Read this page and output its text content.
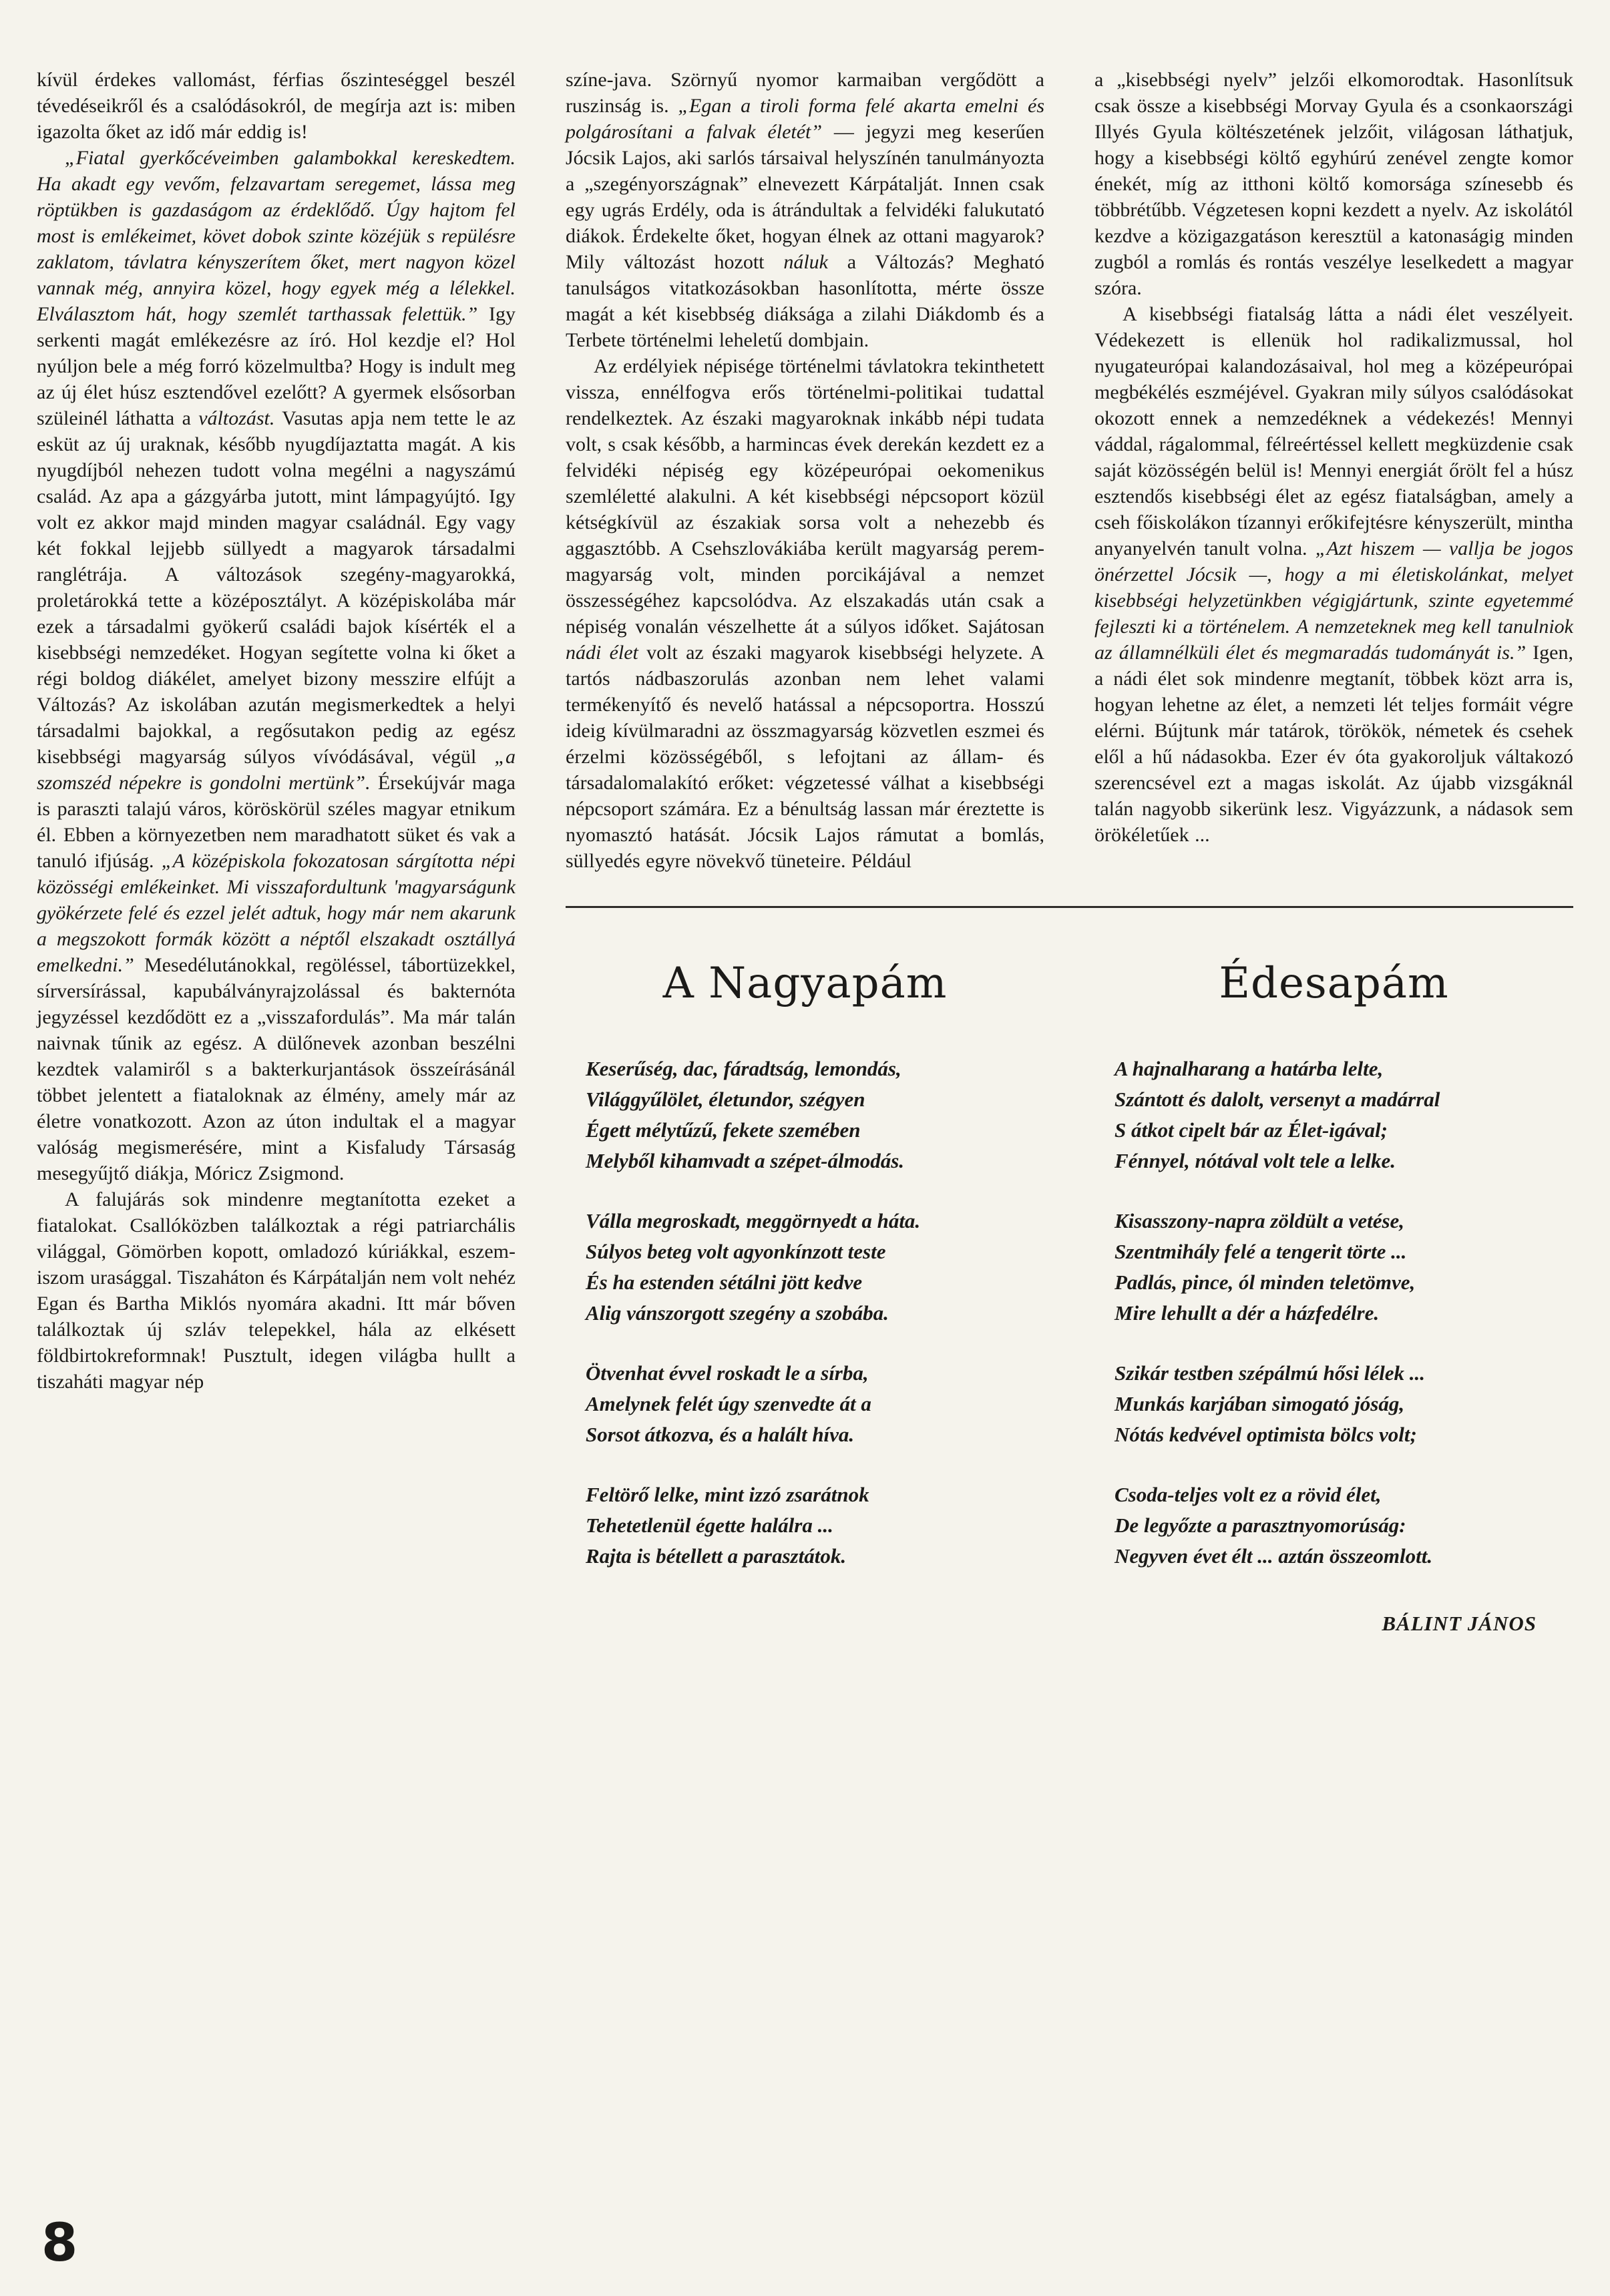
kívül érdekes vallomást, férfias őszinteséggel beszél tévedéseikről és a csalódásokról, de megírja azt is: miben igazolta őket az idő már eddig is!

„Fiatal gyerkőcéveimben galambokkal kereskedtem. Ha akadt egy vevőm, felzavartam seregemet, lássa meg röptükben is gazdaságom az érdeklődő. Úgy hajtom fel most is emlékeimet, követ dobok szinte közéjük s repülésre zaklatom, távlatra kényszerítem őket, mert nagyon közel vannak még, annyira közel, hogy egyek még a lélekkel. Elválasztom hát, hogy szemlét tarthassak felettük.” Igy serkenti magát emlékezésre az író. Hol kezdje el? Hol nyúljon bele a még forró közelmultba? Hogy is indult meg az új élet húsz esztendővel ezelőtt? A gyermek elsősorban szüleinél láthatta a változást. Vasutas apja nem tette le az esküt az új uraknak, később nyugdíjaztatta magát. A kis nyugdíjból nehezen tudott volna megélni a nagyszámú család. Az apa a gázgyárba jutott, mint lámpagyújtó. Igy volt ez akkor majd minden magyar családnál. Egy vagy két fokkal lejjebb süllyedt a magyarok társadalmi ranglétrája. A változások szegény-magyarokká, proletárokká tette a középosztályt. A középiskolába már ezek a társadalmi gyökerű családi bajok kísérték el a kisebbségi nemzedéket. Hogyan segítette volna ki őket a régi boldog diákélet, amelyet bizony messzire elfújt a Változás? Az iskolában azután megismerkedtek a helyi társadalmi bajokkal, a regősutakon pedig az egész kisebbségi magyarság súlyos vívódásával, végül „a szomszéd népekre is gondolni mertünk”. Érsekújvár maga is paraszti talajú város, köröskörül széles magyar etnikum él. Ebben a környezetben nem maradhatott süket és vak a tanuló ifjúság. „A középiskola fokozatosan sárgította népi közösségi emlékeinket. Mi visszafordultunk 'magyarságunk gyökérzete felé és ezzel jelét adtuk, hogy már nem akarunk a megszokott formák között a néptől elszakadt osztállyá emelkedni.” Mesedélutánokkal, regöléssel, tábortüzekkel, sírversírással, kapubálványrajzolással és bakternóta jegyzéssel kezdődött ez a „visszafordulás”. Ma már talán naivnak tűnik az egész. A dülőnevek azonban beszélni kezdtek valamiről s a bakterkurjantások összeírásánál többet jelentett a fiataloknak az élmény, amely már az életre vonatkozott. Azon az úton indultak el a magyar valóság megismerésére, mint a Kisfaludy Társaság mesegyűjtő diákja, Móricz Zsigmond.

A falujárás sok mindenre megtanította ezeket a fiatalokat. Csallóközben találkoztak a régi patriarchális világgal, Gömörben kopott, omladozó kúriákkal, eszem-iszom urasággal. Tiszaháton és Kárpátalján nem volt nehéz Egan és Bartha Miklós nyomára akadni. Itt már bőven találkoztak új szláv telepekkel, hála az elkésett földbirtokreformnak! Pusztult, idegen világba hullt a tiszaháti magyar nép

színe-java. Szörnyű nyomor karmaiban vergődött a ruszinság is. „Egan a tiroli forma felé akarta emelni és polgárosítani a falvak életét” — jegyzi meg keserűen Jócsik Lajos, aki sarlós társaival helyszínén tanulmányozta a „szegényországnak” elnevezett Kárpátalját. Innen csak egy ugrás Erdély, oda is átrándultak a felvidéki falukutató diákok. Érdekelte őket, hogyan élnek az ottani magyarok? Mily változást hozott náluk a Változás? Megható tanulságos vitatkozásokban hasonlította, mérte össze magát a két kisebbség diáksága a zilahi Diákdomb és a Terbete történelmi leheletű dombjain.

Az erdélyiek népisége történelmi távlatokra tekinthetett vissza, ennélfogva erős történelmi-politikai tudattal rendelkeztek. Az északi magyaroknak inkább népi tudata volt, s csak később, a harmincas évek derekán kezdett ez a felvidéki népiség egy középeurópai oekomenikus szemléletté alakulni. A két kisebbségi népcsoport közül kétségkívül az északiak sorsa volt a nehezebb és aggasztóbb. A Csehszlovákiába került magyarság perem-magyarság volt, minden porcikájával a nemzet összességéhez kapcsolódva. Az elszakadás után csak a népiség vonalán vészelhette át a súlyos időket. Sajátosan nádi élet volt az északi magyarok kisebbségi helyzete. A tartós nádbaszorulás azonban nem lehet valami termékenyítő és nevelő hatással a népcsoportra. Hosszú ideig kívülmaradni az összmagyarság közvetlen eszmei és érzelmi közösségéből, s lefojtani az állam- és társadalomalakító erőket: végzetessé válhat a kisebbségi népcsoport számára. Ez a bénultság lassan már éreztette is nyomasztó hatását. Jócsik Lajos rámutat a bomlás, süllyedés egyre növekvő tüneteire. Például

a „kisebbségi nyelv” jelzői elkomorodtak. Hasonlítsuk csak össze a kisebbségi Morvay Gyula és a csonkaországi Illyés Gyula költészetének jelzőit, világosan láthatjuk, hogy a kisebbségi költő egyhúrú zenével zengte komor énekét, míg az itthoni költő komorsága színesebb és többrétűbb. Végzetesen kopni kezdett a nyelv. Az iskolától kezdve a közigazgatáson keresztül a katonaságig minden zugból a romlás és rontás veszélye leselkedett a magyar szóra.

A kisebbségi fiatalság látta a nádi élet veszélyeit. Védekezett is ellenük hol radikalizmussal, hol nyugateurópai kalandozásaival, hol meg a középeurópai megbékélés eszméjével. Gyakran mily súlyos csalódásokat okozott ennek a nemzedéknek a védekezés! Mennyi váddal, rágalommal, félreértéssel kellett megküzdenie csak saját közösségén belül is! Mennyi energiát őrölt fel a húsz esztendős kisebbségi élet az egész fiatalságban, amely a cseh főiskolákon tízannyi erőkifejtésre kényszerült, mintha anyanyelvén tanult volna. „Azt hiszem — vallja be jogos önérzettel Jócsik —, hogy a mi életiskolánkat, melyet kisebbségi helyzetünkben végigjártunk, szinte egyetemmé fejleszti ki a történelem. A nemzeteknek meg kell tanulniok az államnélküli élet és megmaradás tudományát is.” Igen, a nádi élet sok mindenre megtanít, többek közt arra is, hogyan lehetne az élet, a nemzeti lét teljes formáit végre elérni. Bújtunk már tatárok, törökök, németek és csehek elől a hű nádasokba. Ezer év óta gyakoroljuk váltakozó szerencsével ezt a magas iskolát. Az újabb vizsgáknál talán nagyobb sikerünk lesz. Vigyázzunk, a nádasok sem örökéletűek ...

A Nagyapám
Keserűség, dac, fáradtság, lemondás,
Világgyűlölet, életundor, szégyen
Égett mélytűzű, fekete szemében
Melyből kihamvadt a szépet-álmodás.
Válla megroskadt, meggörnyedt a háta.
Súlyos beteg volt agyonkínzott teste
És ha estenden sétálni jött kedve
Alig vánszorgott szegény a szobába.
Ötvenhat évvel roskadt le a sírba,
Amelynek felét úgy szenvedte át a
Sorsot átkozva, és a halált híva.
Feltörő lelke, mint izzó zsarátnok
Tehetetlenül égette halálra ...
Rajta is bétellett a parasztátok.
Édesapám
A hajnalharang a határba lelte,
Szántott és dalolt, versenyt a madárral
S átkot cipelt bár az Élet-igával;
Fénnyel, nótával volt tele a lelke.
Kisasszony-napra zöldült a vetése,
Szentmihály felé a tengerit törte ...
Padlás, pince, ól minden teletömve,
Mire lehullt a dér a házfedélre.
Szikár testben szépálmú hősi lélek ...
Munkás karjában simogató jóság,
Nótás kedvével optimista bölcs volt;
Csoda-teljes volt ez a rövid élet,
De legyőzte a parasztnyomorúság:
Negyven évet élt ... aztán összeomlott.
BÁLINT JÁNOS
8
